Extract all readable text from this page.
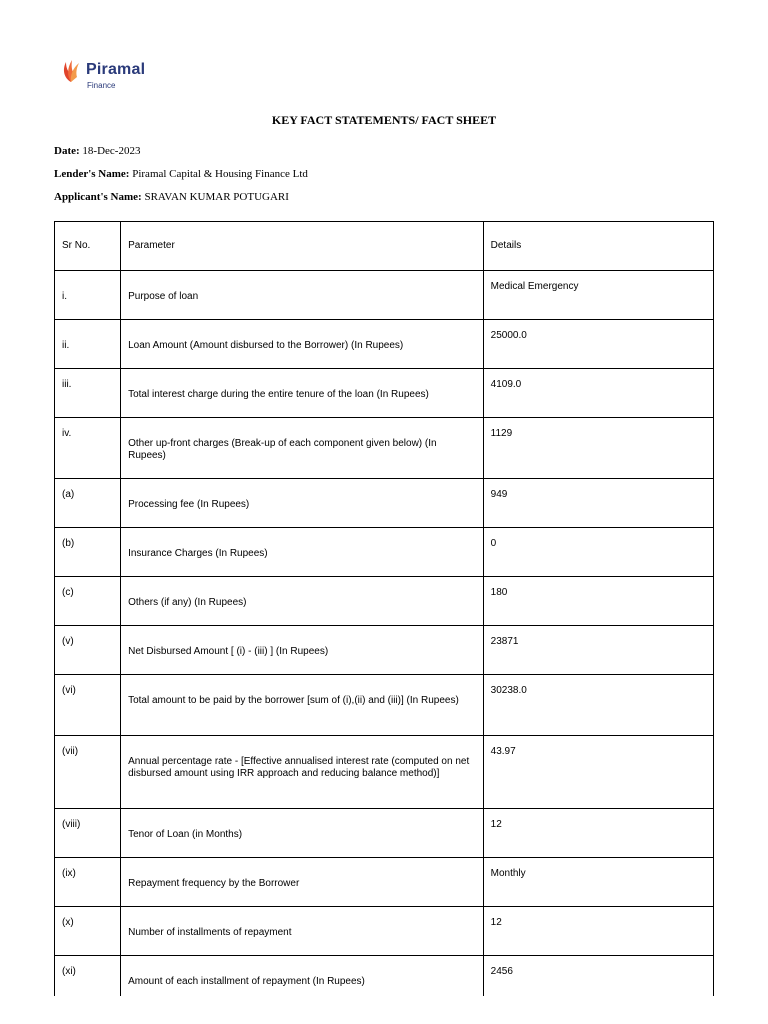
Piramal
Finance
KEY FACT STATEMENTS/ FACT SHEET
Date: 18-Dec-2023
Lender's Name: Piramal Capital & Housing Finance Ltd
Applicant's Name: SRAVAN KUMAR POTUGARI
Sr No.	Parameter	Details

i.	Purpose of loan	Medical Emergency

ii.	Loan Amount (Amount disbursed to the Borrower) (In Rupees)	25000.0

iii.	Total interest charge during the entire tenure of the loan (In Rupees)	4109.0

iv.	Other up-front charges (Break-up of each component given below) (In Rupees)	1129

(a)	Processing fee (In Rupees)	949

(b)	Insurance Charges (In Rupees)	0

(c)	Others (if any) (In Rupees)	180

(v)	Net Disbursed Amount [ (i) - (iii) ] (In Rupees)	23871

(vi)	Total amount to be paid by the borrower [sum of (i),(ii) and (iii)] (In Rupees)	30238.0

(vii)	Annual percentage rate - [Effective annualised interest rate (computed on net disbursed amount using IRR approach and reducing balance method)]	43.97

(viii)	Tenor of Loan (in Months)	12

(ix)	Repayment frequency by the Borrower	Monthly

(x)	Number of installments of repayment	12

(xi)	Amount of each installment of repayment (In Rupees)	2456
